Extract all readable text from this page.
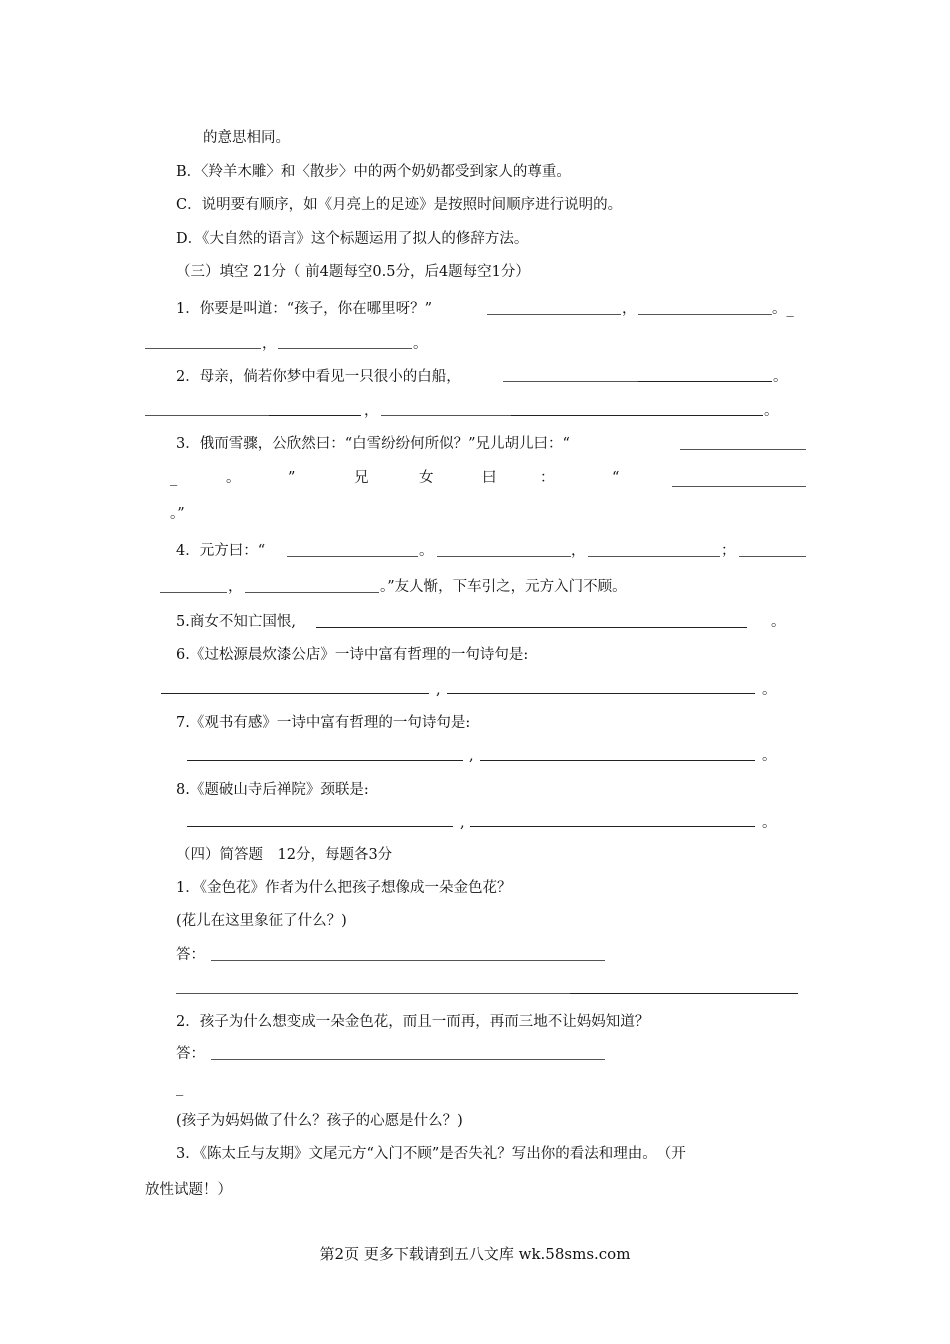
的意思相同。
B．〈羚羊木雕〉和〈散步〉中的两个奶奶都受到家人的尊重。
C．说明要有顺序，如《月亮上的足迹》是按照时间顺序进行说明的。
D．《大自然的语言》这个标题运用了拟人的修辞方法。
（三）填空 21分（ 前4题每空0.5分，后4题每空1分）
1．你要是叫道：“孩子，你在哪里呀？”	，	。_
，	。
2．母亲，倘若你梦中看见一只很小的白船，	。
，	。
3．俄而雪骤，公欣然曰：“白雪纷纷何所似？”兄儿胡儿曰：“
_	。	”	兄	女	曰	：	“
。”
4．元方曰：“	。	，	；
，	。”友人惭，下车引之，元方入门不顾。
5.商女不知亡国恨,	。
6.《过松源晨炊漆公店》一诗中富有哲理的一句诗句是:
,	。
7.《观书有感》一诗中富有哲理的一句诗句是:
,	。
8.《题破山寺后禅院》颈联是:
,	。
（四）简答题　12分，每题各3分
1．《金色花》作者为什么把孩子想像成一朵金色花？
(花儿在这里象征了什么？)
答：
2．孩子为什么想变成一朵金色花，而且一而再，再而三地不让妈妈知道？
答：
_
(孩子为妈妈做了什么？孩子的心愿是什么？)
3．《陈太丘与友期》文尾元方“入门不顾”是否失礼？写出你的看法和理由。　（开
放性试题！）
第2页 更多下载请到五八文库 wk.58sms.com
